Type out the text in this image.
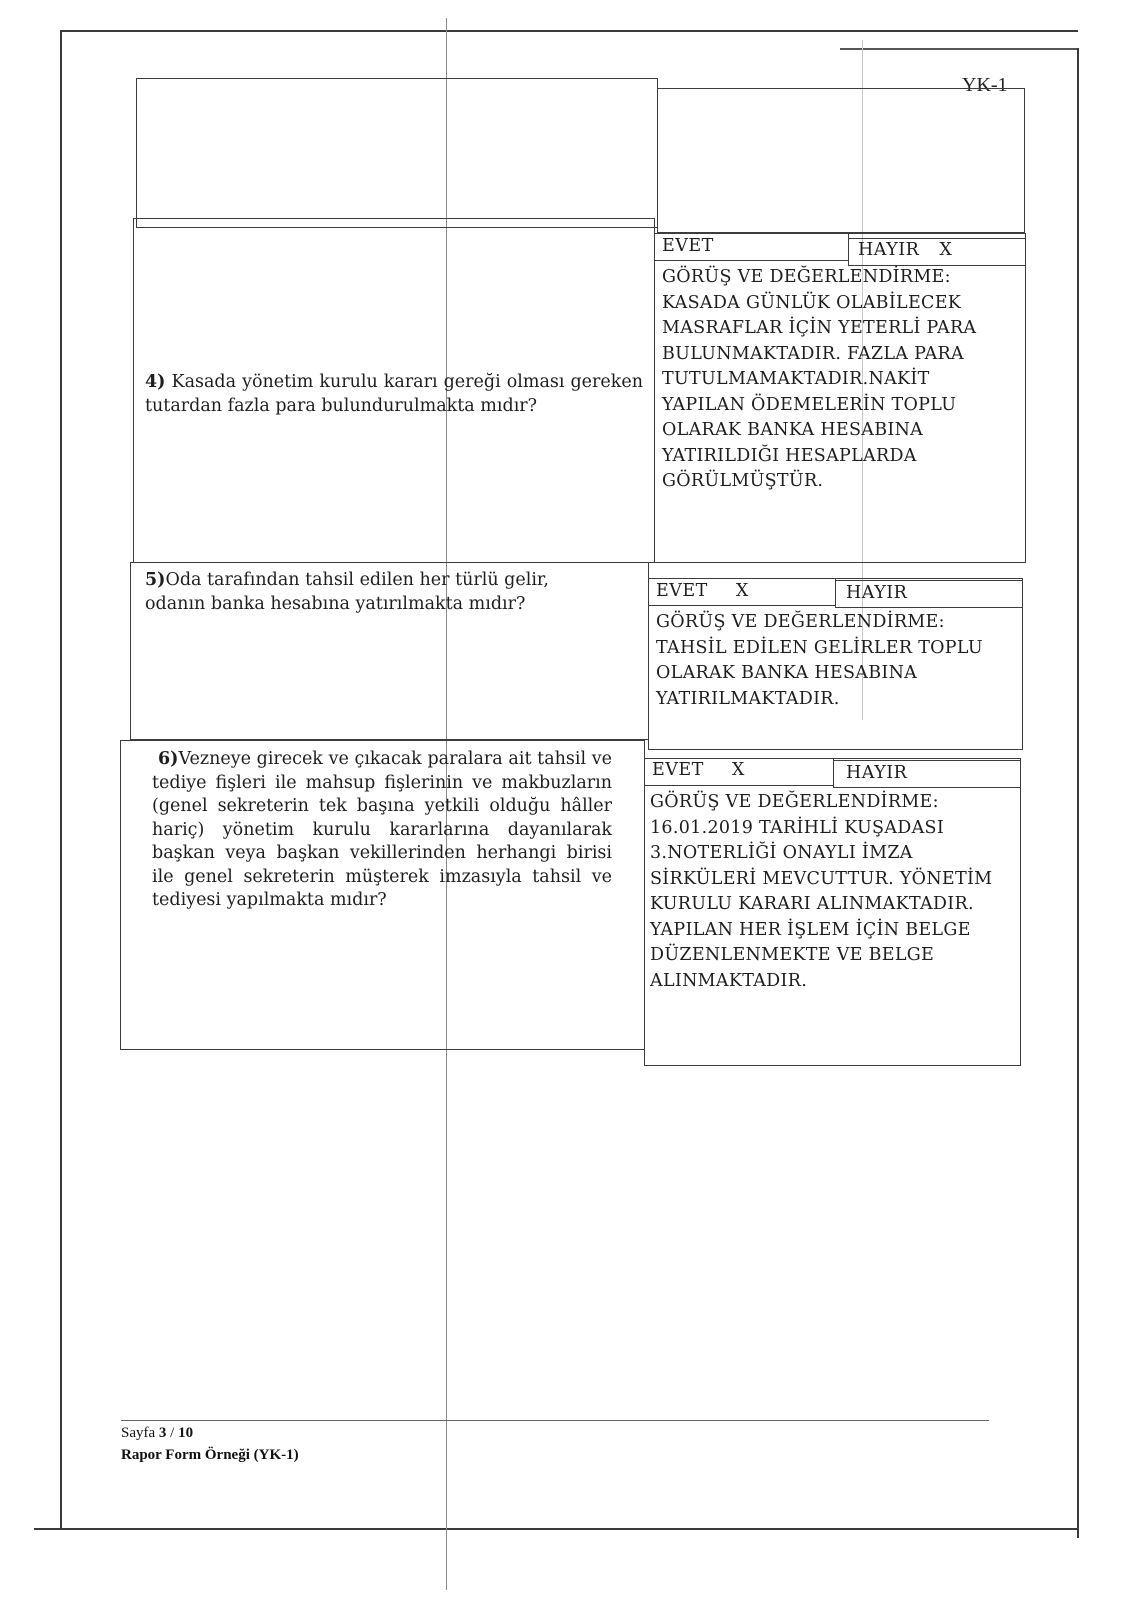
YK-1
4) Kasada yönetim kurulu kararı gereği olması gereken tutardan fazla para bulundurulmakta mıdır?
EVET	HAYIR X
GÖRÜŞ VE DEĞERLENDİRME:
KASADA GÜNLÜK OLABİLECEK
MASRAFLAR İÇİN YETERLİ PARA
BULUNMAKTADIR. FAZLA PARA
TUTULMAMAKTADIR.NAKİT
YAPILAN ÖDEMELERİN TOPLU
OLARAK BANKA HESABINA
YATIRILDIĞI HESAPLARDA
GÖRÜLMÜŞTÜR.
5)Oda tarafından tahsil edilen her türlü gelir, odanın banka hesabına yatırılmakta mıdır?
EVET X	HAYIR
GÖRÜŞ VE DEĞERLENDİRME:
TAHSİL EDİLEN GELİRLER TOPLU
OLARAK BANKA HESABINA
YATIRILMAKTADIR.
6)Vezneye girecek ve çıkacak paralara ait tahsil ve tediye fişleri ile mahsup fişlerinin ve makbuzların (genel sekreterin tek başına yetkili olduğu hâller hariç) yönetim kurulu kararlarına dayanılarak başkan veya başkan vekillerinden herhangi birisi ile genel sekreterin müşterek imzasıyla tahsil ve tediyesi yapılmakta mıdır?
EVET X	HAYIR
GÖRÜŞ VE DEĞERLENDİRME:
16.01.2019 TARİHLİ KUŞADASI
3.NOTERLİĞİ ONAYLI İMZA
SİRKÜLERİ MEVCUTTUR. YÖNETİM
KURULU KARARI ALINMAKTADIR.
YAPILAN HER İŞLEM İÇİN BELGE
DÜZENLENMEKTE VE BELGE
ALINMAKTADIR.
Sayfa 3 / 10
Rapor Form Örneği (YK-1)
